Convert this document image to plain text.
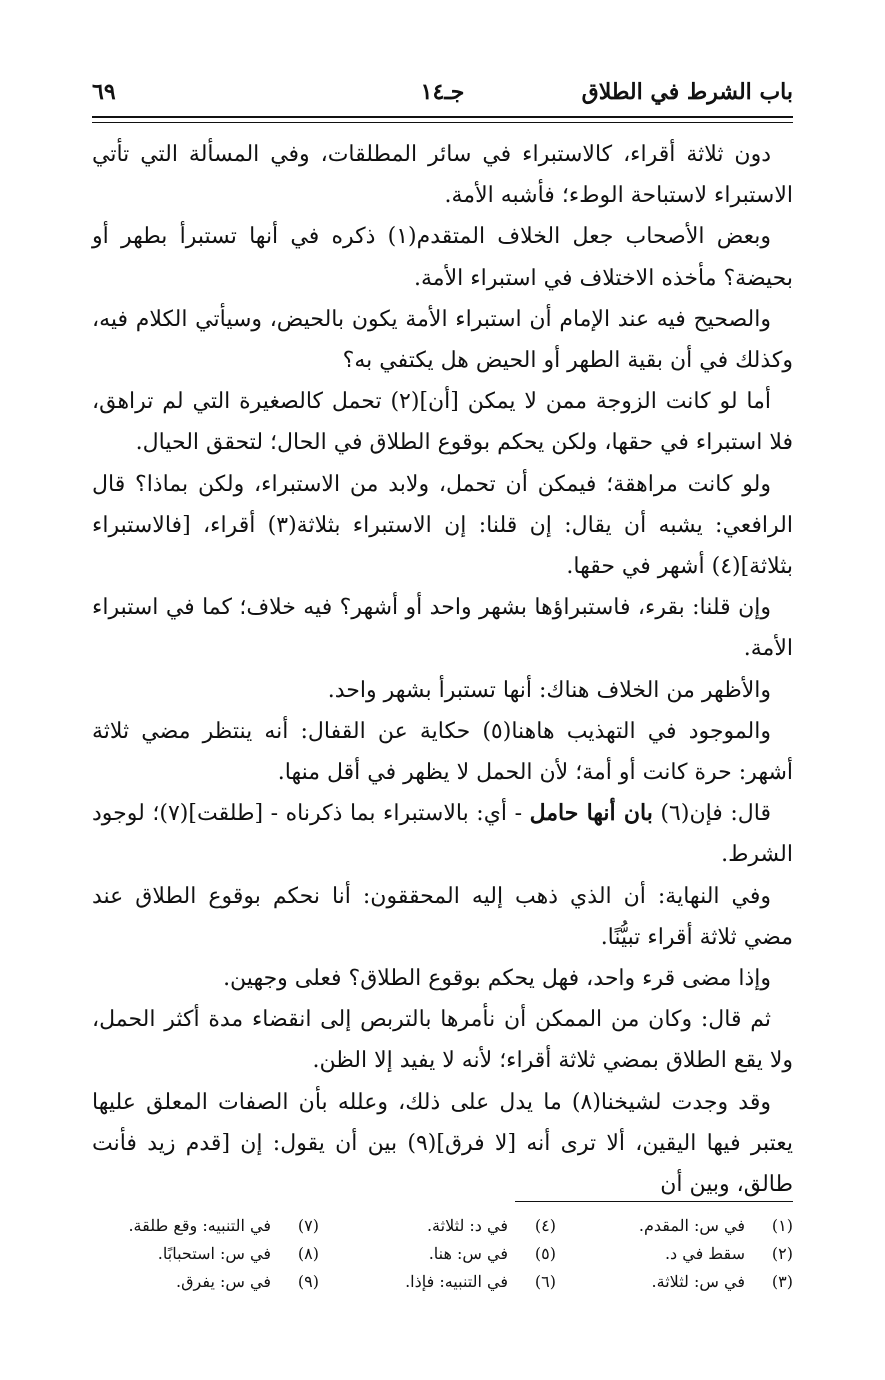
باب الشرط في الطلاق
جـ١٤
٦٩

دون ثلاثة أقراء، كالاستبراء في سائر المطلقات، وفي المسألة التي تأتي الاستبراء لاستباحة الوطء؛ فأشبه الأمة.

وبعض الأصحاب جعل الخلاف المتقدم(١) ذكره في أنها تستبرأ بطهر أو بحيضة؟ مأخذه الاختلاف في استبراء الأمة.

والصحيح فيه عند الإمام أن استبراء الأمة يكون بالحيض، وسيأتي الكلام فيه، وكذلك في أن بقية الطهر أو الحيض هل يكتفي به؟

أما لو كانت الزوجة ممن لا يمكن [أن](٢) تحمل كالصغيرة التي لم تراهق، فلا استبراء في حقها، ولكن يحكم بوقوع الطلاق في الحال؛ لتحقق الحيال.

ولو كانت مراهقة؛ فيمكن أن تحمل، ولابد من الاستبراء، ولكن بماذا؟ قال الرافعي: يشبه أن يقال: إن قلنا: إن الاستبراء بثلاثة(٣) أقراء، [فالاستبراء بثلاثة](٤) أشهر في حقها.

وإن قلنا: بقرء، فاستبراؤها بشهر واحد أو أشهر؟ فيه خلاف؛ كما في استبراء الأمة.

والأظهر من الخلاف هناك: أنها تستبرأ بشهر واحد.

والموجود في التهذيب هاهنا(٥) حكاية عن القفال: أنه ينتظر مضي ثلاثة أشهر: حرة كانت أو أمة؛ لأن الحمل لا يظهر في أقل منها.

قال: فإن(٦) بان أنها حامل - أي: بالاستبراء بما ذكرناه - [طلقت](٧)؛ لوجود الشرط.

وفي النهاية: أن الذي ذهب إليه المحققون: أنا نحكم بوقوع الطلاق عند مضي ثلاثة أقراء تبيُّنًا.

وإذا مضى قرء واحد، فهل يحكم بوقوع الطلاق؟ فعلى وجهين.

ثم قال: وكان من الممكن أن نأمرها بالتربص إلى انقضاء مدة أكثر الحمل، ولا يقع الطلاق بمضي ثلاثة أقراء؛ لأنه لا يفيد إلا الظن.

وقد وجدت لشيخنا(٨) ما يدل على ذلك، وعلله بأن الصفات المعلق عليها يعتبر فيها اليقين، ألا ترى أنه [لا فرق](٩) بين أن يقول: إن [قدم زيد فأنت طالق، وبين أن

(١)
في س: المقدم.
(٤)
في د: لثلاثة.
(٧)
في التنبيه: وقع طلقة.
(٢)
سقط في د.
(٥)
في س: هنا.
(٨)
في س: استحبابًا.
(٣)
في س: لثلاثة.
(٦)
في التنبيه: فإذا.
(٩)
في س: يفرق.
